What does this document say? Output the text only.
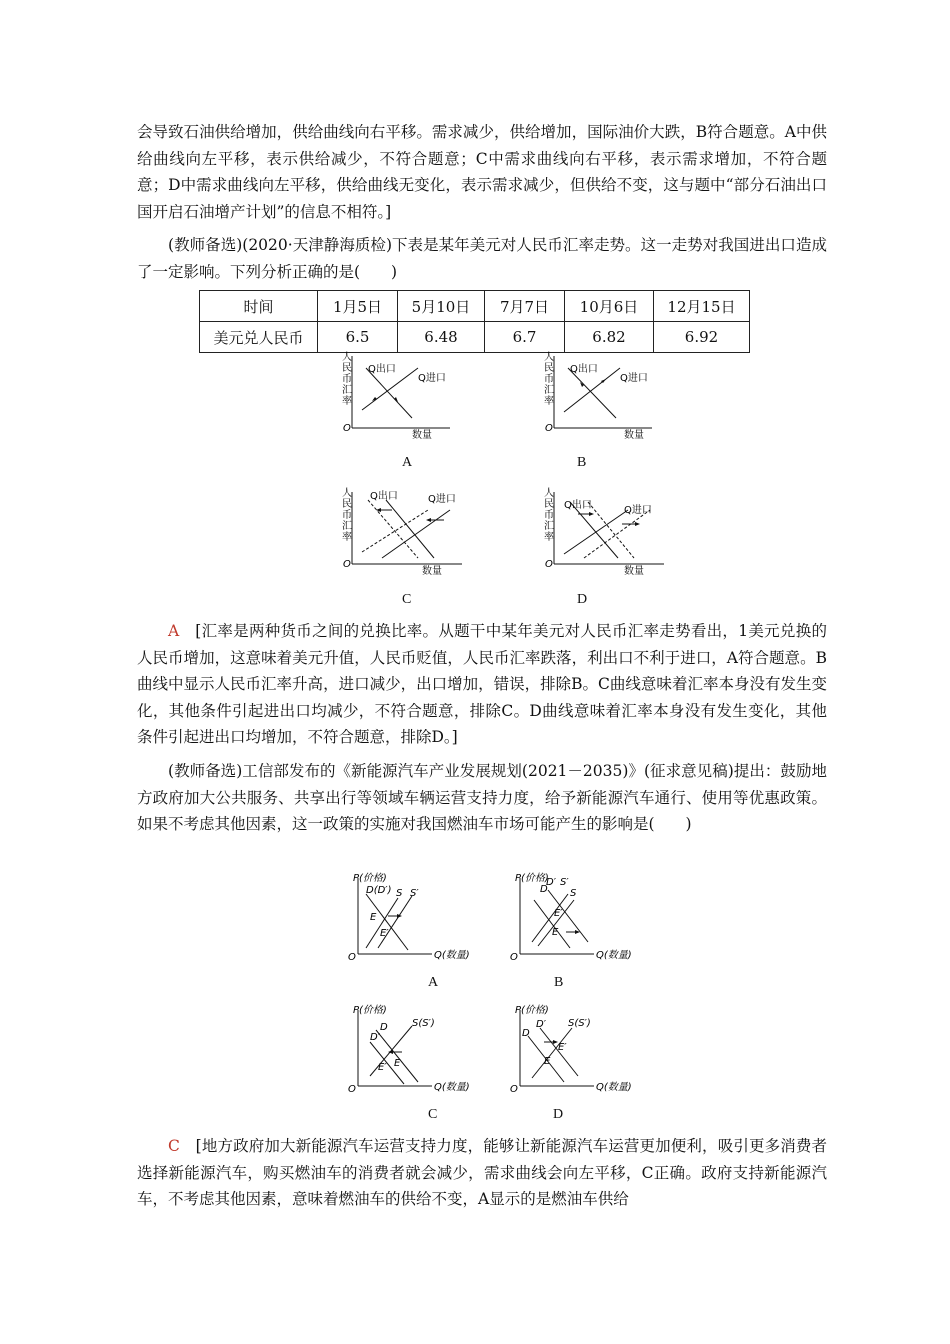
会导致石油供给增加，供给曲线向右平移。需求减少，供给增加，国际油价大跌，B符合题意。A中供给曲线向左平移，表示供给减少，不符合题意；C中需求曲线向右平移，表示需求增加，不符合题意；D中需求曲线向左平移，供给曲线无变化，表示需求减少，但供给不变，这与题中“部分石油出口国开启石油增产计划”的信息不相符。]

(教师备选)(2020·天津静海质检)下表是某年美元对人民币汇率走势。这一走势对我国进出口造成了一定影响。下列分析正确的是(　　)

时间	1月5日	5月10日	7月7日	10月6日	12月15日
美元兑人民币	6.5	6.48	6.7	6.82	6.92
人
民
币
汇
率
O
数量
Q出口
Q进口
A
人
民
币
汇
率
O
数量
Q出口
Q进口
B
人
民
币
汇
率
O
数量
Q出口	Q进口
C
人
民
币
汇
率
O
数量
Q出口	Q进口
D

A　[汇率是两种货币之间的兑换比率。从题干中某年美元对人民币汇率走势看出，1美元兑换的人民币增加，这意味着美元升值，人民币贬值，人民币汇率跌落，利出口不利于进口，A符合题意。B曲线中显示人民币汇率升高，进口减少，出口增加，错误，排除B。C曲线意味着汇率本身没有发生变化，其他条件引起进出口均减少，不符合题意，排除C。D曲线意味着汇率本身没有发生变化，其他条件引起进出口均增加，不符合题意，排除D。]

(教师备选)工信部发布的《新能源汽车产业发展规划(2021－2035)》(征求意见稿)提出：鼓励地方政府加大公共服务、共享出行等领域车辆运营支持力度，给予新能源汽车通行、使用等优惠政策。如果不考虑其他因素，这一政策的实施对我国燃油车市场可能产生的影响是(　　)

P(价格)
Q(数量)
O
D(D′) S S′
E
E′
A
P(价格)
Q(数量)
O
D
D′
S
S′
E′
E
B
P(价格)
Q(数量)
O
D
D′
S(S′)
E
E′
C
P(价格)
Q(数量)
O
D
D′ S(S′)
E
E′
D

C　[地方政府加大新能源汽车运营支持力度，能够让新能源汽车运营更加便利，吸引更多消费者选择新能源汽车，购买燃油车的消费者就会减少，需求曲线会向左平移，C正确。政府支持新能源汽车，不考虑其他因素，意味着燃油车的供给不变，A显示的是燃油车供给
